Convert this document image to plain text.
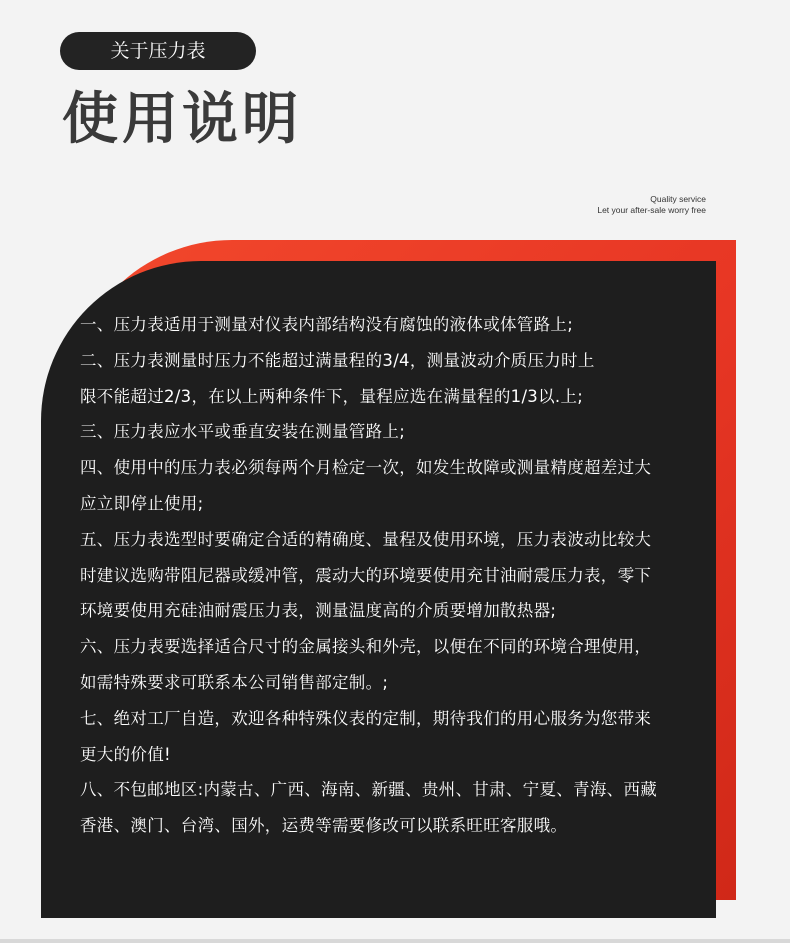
关于压力表
使用说明
Quality service
Let your after-sale worry free
一、压力表适用于测量对仪表内部结构没有腐蚀的液体或体管路上;
二、压力表测量时压力不能超过满量程的3/4，测量波动介质压力时上
限不能超过2/3，在以上两种条件下，量程应选在满量程的1/3以.上;
三、压力表应水平或垂直安装在测量管路上;
四、使用中的压力表必须每两个月检定一次，如发生故障或测量精度超差过大
应立即停止使用;
五、压力表选型时要确定合适的精确度、量程及使用环境，压力表波动比较大
时建议选购带阻尼器或缓冲管，震动大的环境要使用充甘油耐震压力表，零下
环境要使用充硅油耐震压力表，测量温度高的介质要增加散热器;
六、压力表要选择适合尺寸的金属接头和外壳，以便在不同的环境合理使用，
如需特殊要求可联系本公司销售部定制。;
七、绝对工厂自造，欢迎各种特殊仪表的定制，期待我们的用心服务为您带来
更大的价值!
八、不包邮地区:内蒙古、广西、海南、新疆、贵州、甘肃、宁夏、青海、西藏
香港、澳门、台湾、国外，运费等需要修改可以联系旺旺客服哦。
